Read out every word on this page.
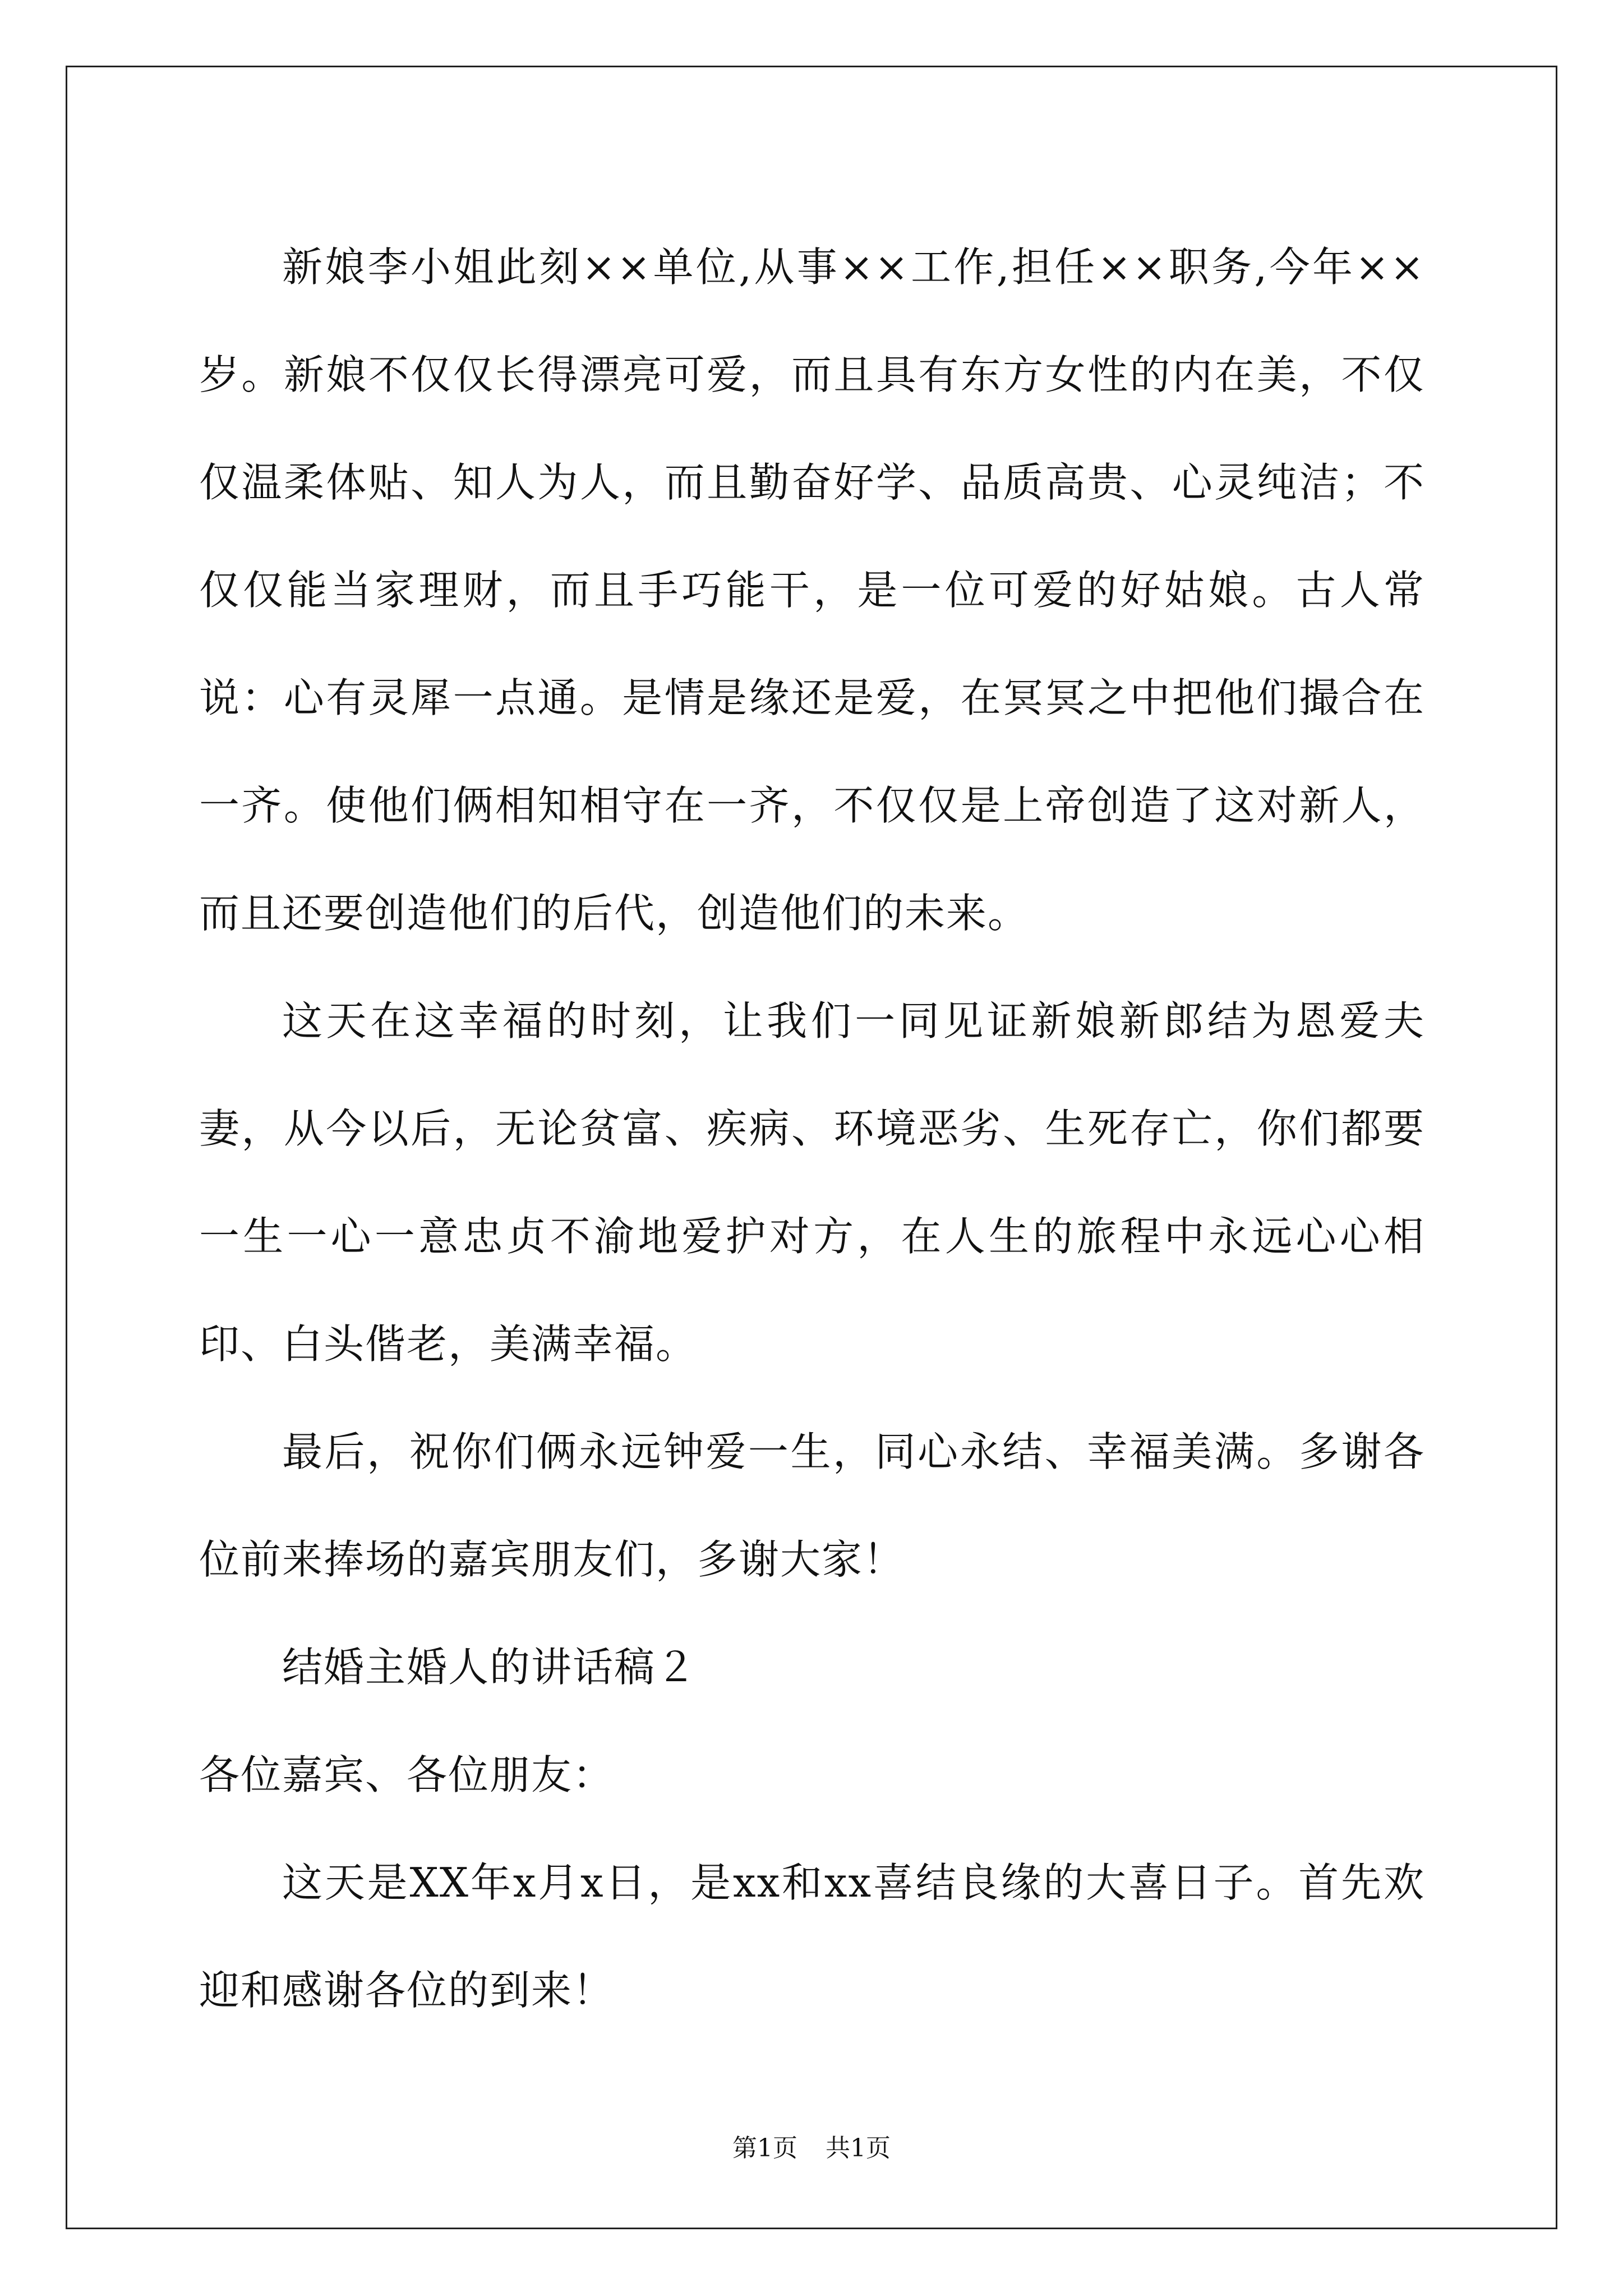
新娘李小姐此刻××单位,从事××工作,担任××职务,今年××岁。新娘不仅仅长得漂亮可爱，而且具有东方女性的内在美，不仅仅温柔体贴、知人为人，而且勤奋好学、品质高贵、心灵纯洁；不仅仅能当家理财，而且手巧能干，是一位可爱的好姑娘。古人常说：心有灵犀一点通。是情是缘还是爱，在冥冥之中把他们撮合在一齐。使他们俩相知相守在一齐，不仅仅是上帝创造了这对新人，而且还要创造他们的后代，创造他们的未来。

这天在这幸福的时刻，让我们一同见证新娘新郎结为恩爱夫妻，从今以后，无论贫富、疾病、环境恶劣、生死存亡，你们都要一生一心一意忠贞不渝地爱护对方，在人生的旅程中永远心心相印、白头偕老，美满幸福。

最后，祝你们俩永远钟爱一生，同心永结、幸福美满。多谢各位前来捧场的嘉宾朋友们，多谢大家！

结婚主婚人的讲话稿２

各位嘉宾、各位朋友：

这天是XX年x月x日，是xx和xx喜结良缘的大喜日子。首先欢迎和感谢各位的到来！

第1页 共1页
